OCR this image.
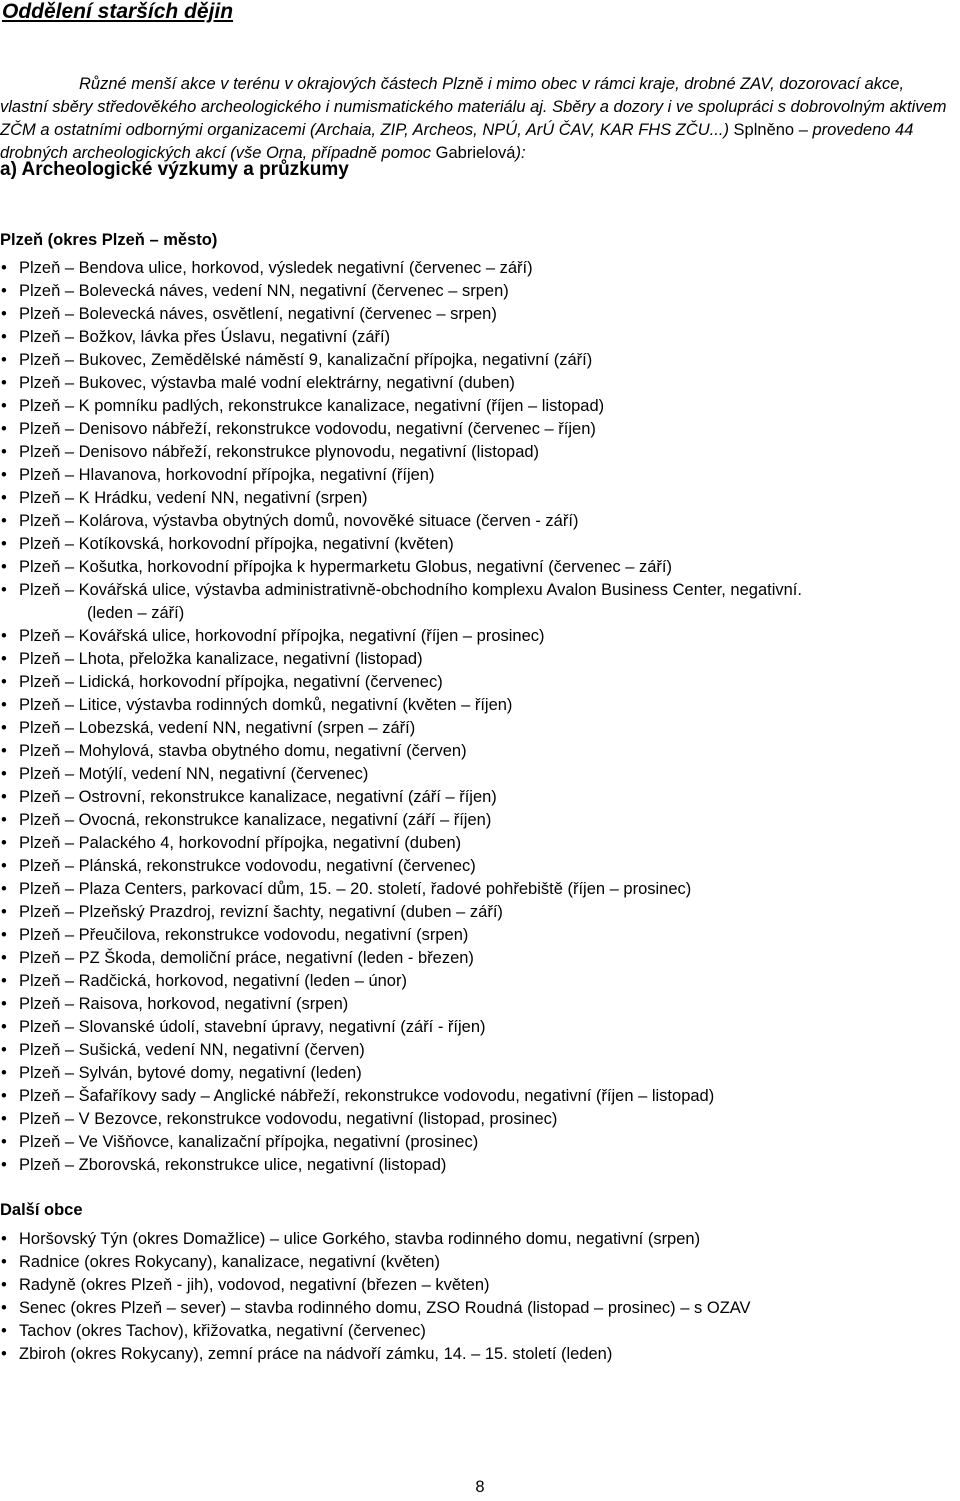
Oddělení starších dějin

Různé menší akce v terénu v okrajových částech Plzně i mimo obec v rámci kraje, drobné ZAV, dozorovací akce, vlastní sběry středověkého archeologického i numismatického materiálu aj. Sběry a dozory i ve spolupráci s dobrovolným aktivem ZČM a ostatními odbornými organizacemi (Archaia, ZIP, Archeos, NPÚ, ArÚ ČAV, KAR FHS ZČU...) Splněno – provedeno 44 drobných archeologických akcí (vše Orna, případně pomoc Gabrielová):

a) Archeologické výzkumy a průzkumy
Plzeň (okres Plzeň – město)
• Plzeň – Bendova ulice, horkovod, výsledek negativní (červenec – září)
• Plzeň – Bolevecká náves, vedení NN, negativní (červenec – srpen)
• Plzeň – Bolevecká náves, osvětlení, negativní (červenec – srpen)
• Plzeň – Božkov, lávka přes Úslavu, negativní (září)
• Plzeň – Bukovec, Zemědělské náměstí 9, kanalizační přípojka, negativní (září)
• Plzeň – Bukovec, výstavba malé vodní elektrárny, negativní (duben)
• Plzeň – K pomníku padlých, rekonstrukce kanalizace, negativní (říjen – listopad)
• Plzeň – Denisovo nábřeží, rekonstrukce vodovodu, negativní (červenec – říjen)
• Plzeň – Denisovo nábřeží, rekonstrukce plynovodu, negativní (listopad)
• Plzeň – Hlavanova, horkovodní přípojka, negativní (říjen)
• Plzeň – K Hrádku, vedení NN, negativní (srpen)
• Plzeň – Kolárova, výstavba obytných domů, novověké situace (červen - září)
• Plzeň – Kotíkovská, horkovodní přípojka, negativní (květen)
• Plzeň – Košutka, horkovodní přípojka k hypermarketu Globus, negativní (červenec – září)
• Plzeň – Kovářská ulice, výstavba administrativně-obchodního komplexu Avalon Business Center, negativní.
(leden – září)
• Plzeň – Kovářská ulice, horkovodní přípojka, negativní (říjen – prosinec)
• Plzeň – Lhota, přeložka kanalizace, negativní (listopad)
• Plzeň – Lidická, horkovodní přípojka, negativní (červenec)
• Plzeň – Litice, výstavba rodinných domků, negativní (květen – říjen)
• Plzeň – Lobezská, vedení NN, negativní (srpen – září)
• Plzeň – Mohylová, stavba obytného domu, negativní (červen)
• Plzeň – Motýlí, vedení NN, negativní (červenec)
• Plzeň – Ostrovní, rekonstrukce kanalizace, negativní (září – říjen)
• Plzeň – Ovocná, rekonstrukce kanalizace, negativní (září – říjen)
• Plzeň – Palackého 4, horkovodní přípojka, negativní (duben)
• Plzeň – Plánská, rekonstrukce vodovodu, negativní (červenec)
• Plzeň – Plaza Centers, parkovací dům, 15. – 20. století, řadové pohřebiště (říjen – prosinec)
• Plzeň – Plzeňský Prazdroj, revizní šachty, negativní (duben – září)
• Plzeň – Přeučilova, rekonstrukce vodovodu, negativní (srpen)
• Plzeň – PZ Škoda, demoliční práce, negativní (leden - březen)
• Plzeň – Radčická, horkovod, negativní (leden – únor)
• Plzeň – Raisova, horkovod, negativní (srpen)
• Plzeň – Slovanské údolí, stavební úpravy, negativní (září - říjen)
• Plzeň – Sušická, vedení NN, negativní (červen)
• Plzeň – Sylván, bytové domy, negativní (leden)
• Plzeň – Šafaříkovy sady – Anglické nábřeží, rekonstrukce vodovodu, negativní (říjen – listopad)
• Plzeň – V Bezovce, rekonstrukce vodovodu, negativní (listopad, prosinec)
• Plzeň – Ve Višňovce, kanalizační přípojka, negativní (prosinec)
• Plzeň – Zborovská, rekonstrukce ulice, negativní (listopad)
Další obce
• Horšovský Týn (okres Domažlice) – ulice Gorkého, stavba rodinného domu, negativní (srpen)
• Radnice (okres Rokycany), kanalizace, negativní (květen)
• Radyně (okres Plzeň - jih), vodovod, negativní (březen – květen)
• Senec (okres Plzeň – sever) – stavba rodinného domu, ZSO Roudná (listopad – prosinec) – s OZAV
• Tachov (okres Tachov), křižovatka, negativní (červenec)
• Zbiroh (okres Rokycany), zemní práce na nádvoří zámku, 14. – 15. století (leden)
8
